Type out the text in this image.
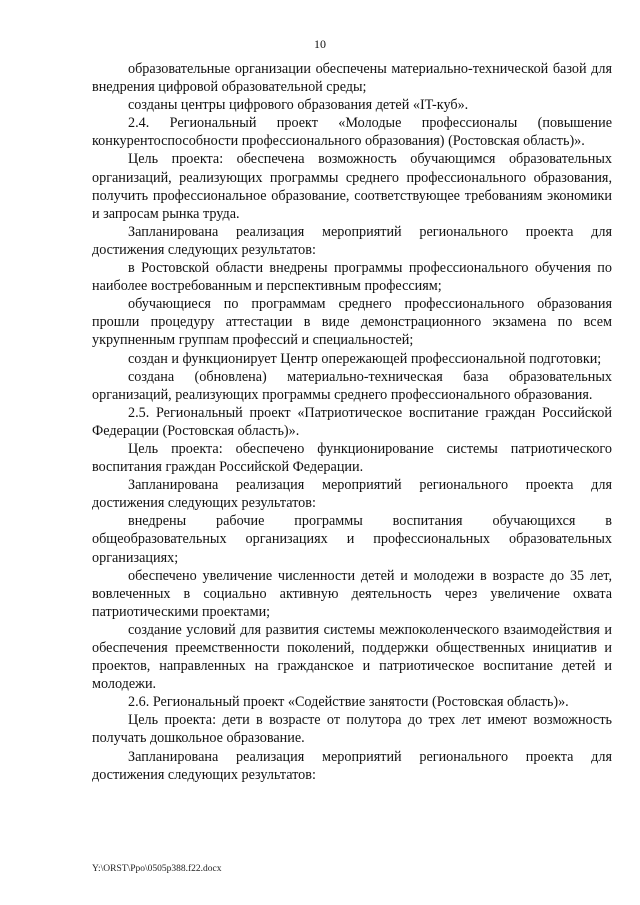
10

образовательные организации обеспечены материально-технической базой для внедрения цифровой образовательной среды;

созданы центры цифрового образования детей «IT-куб».

2.4. Региональный проект «Молодые профессионалы (повышение конкурентоспособности профессионального образования) (Ростовская область)».

Цель проекта: обеспечена возможность обучающимся образовательных организаций, реализующих программы среднего профессионального образования, получить профессиональное образование, соответствующее требованиям экономики и запросам рынка труда.

Запланирована реализация мероприятий регионального проекта для достижения следующих результатов:

в Ростовской области внедрены программы профессионального обучения по наиболее востребованным и перспективным профессиям;

обучающиеся по программам среднего профессионального образования прошли процедуру аттестации в виде демонстрационного экзамена по всем укрупненным группам профессий и специальностей;

создан и функционирует Центр опережающей профессиональной подготовки;

создана (обновлена) материально-техническая база образовательных организаций, реализующих программы среднего профессионального образования.

2.5. Региональный проект «Патриотическое воспитание граждан Российской Федерации (Ростовская область)».

Цель проекта: обеспечено функционирование системы патриотического воспитания граждан Российской Федерации.

Запланирована реализация мероприятий регионального проекта для достижения следующих результатов:

внедрены рабочие программы воспитания обучающихся в общеобразовательных организациях и профессиональных образовательных организациях;

обеспечено увеличение численности детей и молодежи в возрасте до 35 лет, вовлеченных в социально активную деятельность через увеличение охвата патриотическими проектами;

создание условий для развития системы межпоколенческого взаимодействия и обеспечения преемственности поколений, поддержки общественных инициатив и проектов, направленных на гражданское и патриотическое воспитание детей и молодежи.

2.6. Региональный проект «Содействие занятости (Ростовская область)».

Цель проекта: дети в возрасте от полутора до трех лет имеют возможность получать дошкольное образование.

Запланирована реализация мероприятий регионального проекта для достижения следующих результатов:

Y:\ORST\Ppo\0505p388.f22.docx
